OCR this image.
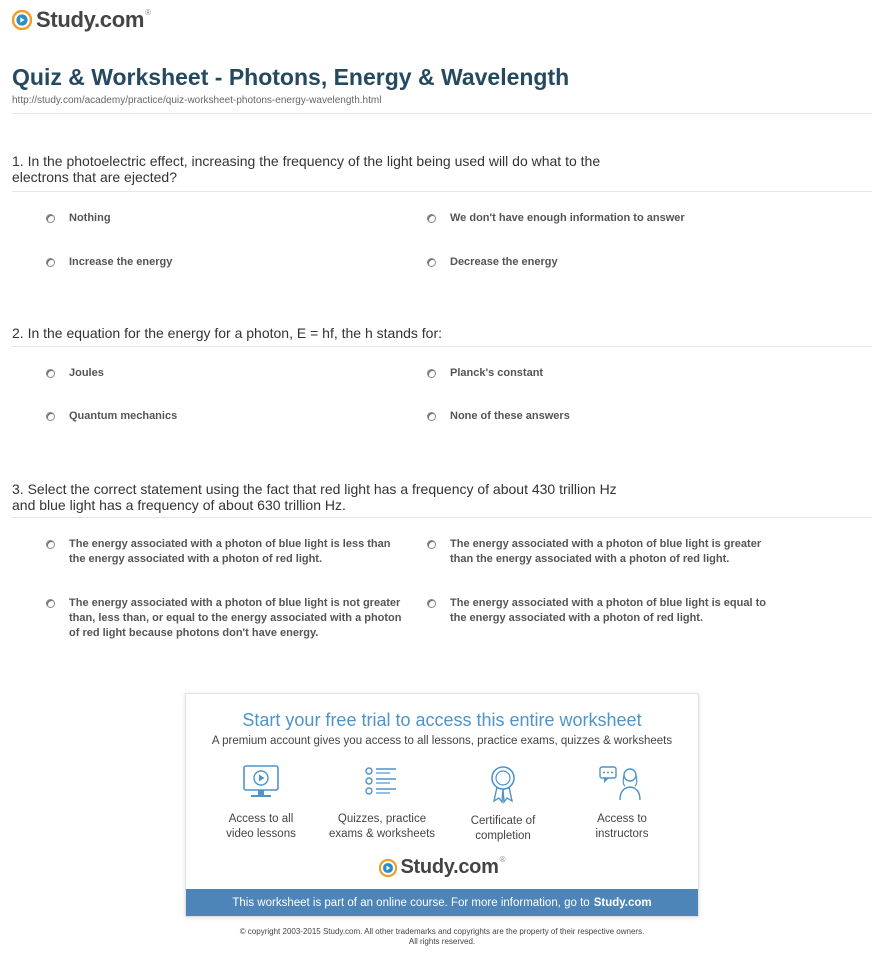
Study.com ®
Quiz & Worksheet - Photons, Energy & Wavelength
http://study.com/academy/practice/quiz-worksheet-photons-energy-wavelength.html
1. In the photoelectric effect, increasing the frequency of the light being used will do what to the
electrons that are ejected?
Nothing	We don't have enough information to answer
Increase the energy	Decrease the energy
2. In the equation for the energy for a photon, E = hf, the h stands for:
Joules	Planck's constant
Quantum mechanics	None of these answers
3. Select the correct statement using the fact that red light has a frequency of about 430 trillion Hz
and blue light has a frequency of about 630 trillion Hz.
The energy associated with a photon of blue light is less than
the energy associated with a photon of red light.
The energy associated with a photon of blue light is greater
than the energy associated with a photon of red light.
The energy associated with a photon of blue light is not greater
than, less than, or equal to the energy associated with a photon
of red light because photons don't have energy.
The energy associated with a photon of blue light is equal to
the energy associated with a photon of red light.
Start your free trial to access this entire worksheet
A premium account gives you access to all lessons, practice exams, quizzes & worksheets
Access to all
video lessons
Quizzes, practice
exams & worksheets
Certificate of
completion
Access to
instructors
Study.com ®
This worksheet is part of an online course. For more information, go to Study.com
© copyright 2003-2015 Study.com. All other trademarks and copyrights are the property of their respective owners.
All rights reserved.
